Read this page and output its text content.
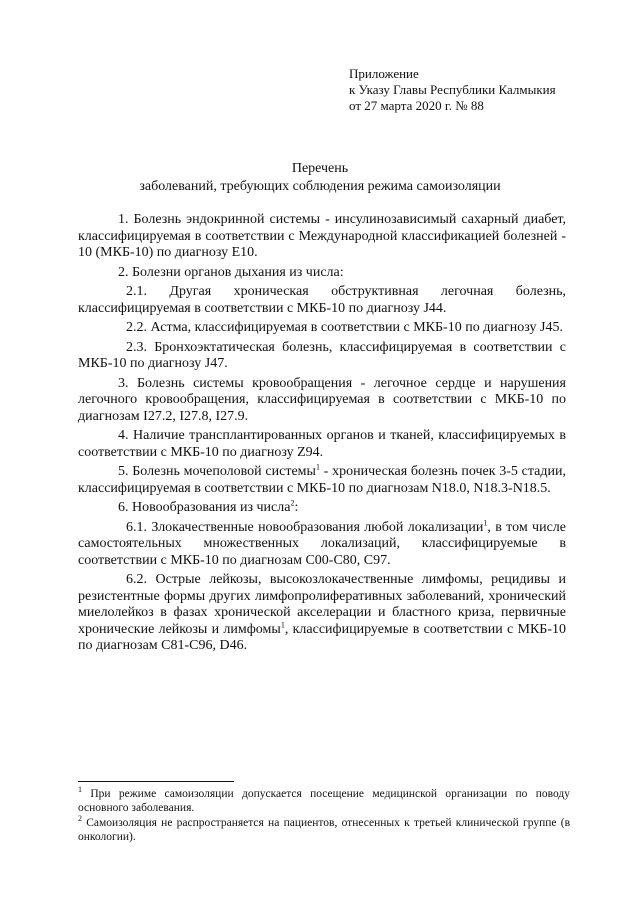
Приложение
к Указу Главы Республики Калмыкия
от 27 марта 2020 г. № 88
Перечень
заболеваний, требующих соблюдения режима самоизоляции

1. Болезнь эндокринной системы - инсулинозависимый сахарный диабет, классифицируемая в соответствии с Международной классификацией болезней - 10 (МКБ-10) по диагнозу Е10.

2. Болезни органов дыхания из числа:

2.1. Другая хроническая обструктивная легочная болезнь, классифицируемая в соответствии с МКБ-10 по диагнозу J44.

2.2. Астма, классифицируемая в соответствии с МКБ-10 по диагнозу J45.

2.3. Бронхоэктатическая болезнь, классифицируемая в соответствии с МКБ-10 по диагнозу J47.

3. Болезнь системы кровообращения - легочное сердце и нарушения легочного кровообращения, классифицируемая в соответствии с МКБ-10 по диагнозам I27.2, I27.8, I27.9.

4. Наличие трансплантированных органов и тканей, классифицируемых в соответствии с МКБ-10 по диагнозу Z94.

5. Болезнь мочеполовой системы$^1$ - хроническая болезнь почек 3-5 стадии, классифицируемая в соответствии с МКБ-10 по диагнозам N18.0, N18.3-N18.5.

6. Новообразования из числа$^2$:

6.1. Злокачественные новообразования любой локализации$^1$, в том числе самостоятельных множественных локализаций, классифицируемые в соответствии с МКБ-10 по диагнозам С00-С80, С97.

6.2. Острые лейкозы, высокозлокачественные лимфомы, рецидивы и резистентные формы других лимфопролиферативных заболеваний, хронический миелолейкоз в фазах хронической акселерации и бластного криза, первичные хронические лейкозы и лимфомы$^1$, классифицируемые в соответствии с МКБ-10 по диагнозам С81-С96, D46.

$^1$ При режиме самоизоляции допускается посещение медицинской организации по поводу основного заболевания.

$^2$ Самоизоляция не распространяется на пациентов, отнесенных к третьей клинической группе (в онкологии).
